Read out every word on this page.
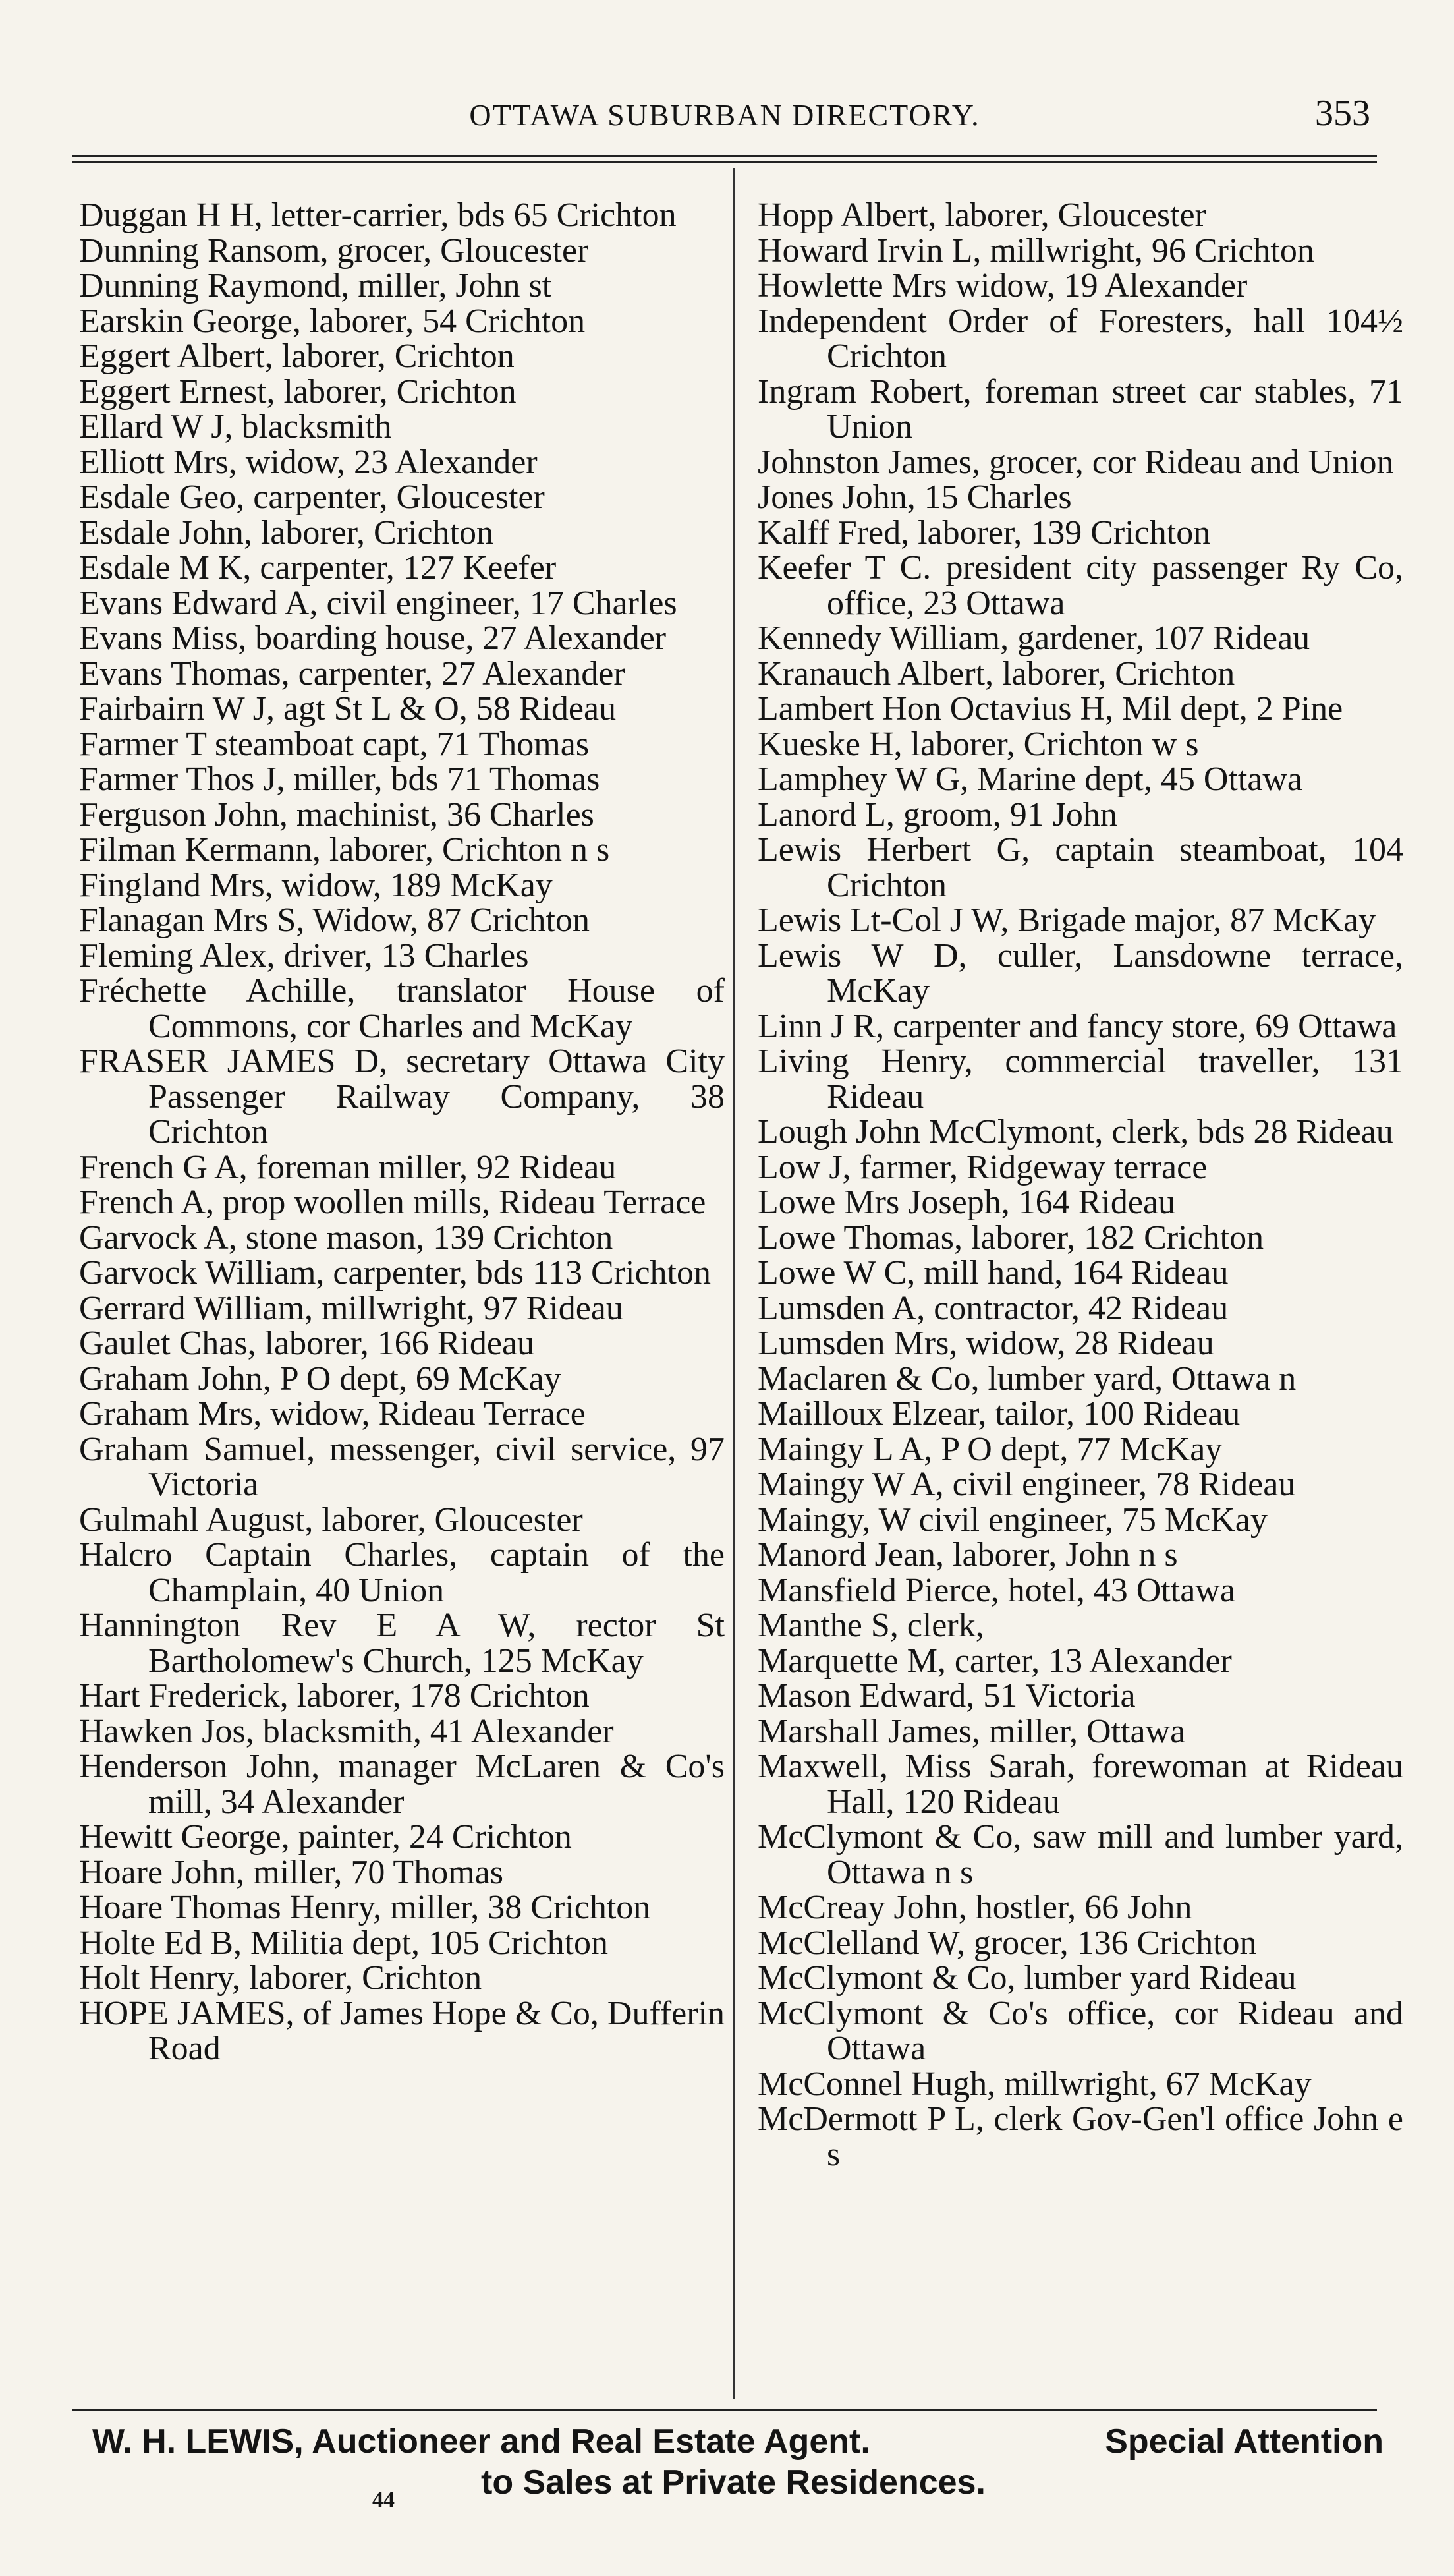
OTTAWA SUBURBAN DIRECTORY.	353

Duggan H H, letter-carrier, bds 65 Crichton

Dunning Ransom, grocer, Gloucester

Dunning Raymond, miller, John st

Earskin George, laborer, 54 Crichton

Eggert Albert, laborer, Crichton

Eggert Ernest, laborer, Crichton

Ellard W J, blacksmith

Elliott Mrs, widow, 23 Alexander

Esdale Geo, carpenter, Gloucester

Esdale John, laborer, Crichton

Esdale M K, carpenter, 127 Keefer

Evans Edward A, civil engineer, 17 Charles

Evans Miss, boarding house, 27 Alexander

Evans Thomas, carpenter, 27 Alexander

Fairbairn W J, agt St L & O, 58 Rideau

Farmer T steamboat capt, 71 Thomas

Farmer Thos J, miller, bds 71 Thomas

Ferguson John, machinist, 36 Charles

Filman Kermann, laborer, Crichton n s

Fingland Mrs, widow, 189 McKay

Flanagan Mrs S, Widow, 87 Crichton

Fleming Alex, driver, 13 Charles

Fréchette Achille, translator House of Commons, cor Charles and McKay

FRASER JAMES D, secretary Ottawa City Passenger Railway Company, 38 Crichton

French G A, foreman miller, 92 Rideau

French A, prop woollen mills, Rideau Terrace

Garvock A, stone mason, 139 Crichton

Garvock William, carpenter, bds 113 Crichton

Gerrard William, millwright, 97 Rideau

Gaulet Chas, laborer, 166 Rideau

Graham John, P O dept, 69 McKay

Graham Mrs, widow, Rideau Terrace

Graham Samuel, messenger, civil service, 97 Victoria

Gulmahl August, laborer, Gloucester

Halcro Captain Charles, captain of the Champlain, 40 Union

Hannington Rev E A W, rector St Bartholomew's Church, 125 McKay

Hart Frederick, laborer, 178 Crichton

Hawken Jos, blacksmith, 41 Alexander

Henderson John, manager McLaren & Co's mill, 34 Alexander

Hewitt George, painter, 24 Crichton

Hoare John, miller, 70 Thomas

Hoare Thomas Henry, miller, 38 Crichton

Holte Ed B, Militia dept, 105 Crichton

Holt Henry, laborer, Crichton

HOPE JAMES, of James Hope & Co, Dufferin Road

Hopp Albert, laborer, Gloucester

Howard Irvin L, millwright, 96 Crichton

Howlette Mrs widow, 19 Alexander

Independent Order of Foresters, hall 104½ Crichton

Ingram Robert, foreman street car stables, 71 Union

Johnston James, grocer, cor Rideau and Union

Jones John, 15 Charles

Kalff Fred, laborer, 139 Crichton

Keefer T C. president city passenger Ry Co, office, 23 Ottawa

Kennedy William, gardener, 107 Rideau

Kranauch Albert, laborer, Crichton

Lambert Hon Octavius H, Mil dept, 2 Pine

Kueske H, laborer, Crichton w s

Lamphey W G, Marine dept, 45 Ottawa

Lanord L, groom, 91 John

Lewis Herbert G, captain steamboat, 104 Crichton

Lewis Lt-Col J W, Brigade major, 87 McKay

Lewis W D, culler, Lansdowne terrace, McKay

Linn J R, carpenter and fancy store, 69 Ottawa

Living Henry, commercial traveller, 131 Rideau

Lough John McClymont, clerk, bds 28 Rideau

Low J, farmer, Ridgeway terrace

Lowe Mrs Joseph, 164 Rideau

Lowe Thomas, laborer, 182 Crichton

Lowe W C, mill hand, 164 Rideau

Lumsden A, contractor, 42 Rideau

Lumsden Mrs, widow, 28 Rideau

Maclaren & Co, lumber yard, Ottawa n

Mailloux Elzear, tailor, 100 Rideau

Maingy L A, P O dept, 77 McKay

Maingy W A, civil engineer, 78 Rideau

Maingy, W civil engineer, 75 McKay

Manord Jean, laborer, John n s

Mansfield Pierce, hotel, 43 Ottawa

Manthe S, clerk,

Marquette M, carter, 13 Alexander

Mason Edward, 51 Victoria

Marshall James, miller, Ottawa

Maxwell, Miss Sarah, forewoman at Rideau Hall, 120 Rideau

McClymont & Co, saw mill and lumber yard, Ottawa n s

McCreay John, hostler, 66 John

McClelland W, grocer, 136 Crichton

McClymont & Co, lumber yard Rideau

McClymont & Co's office, cor Rideau and Ottawa

McConnel Hugh, millwright, 67 McKay

McDermott P L, clerk Gov-Gen'l office John e s

W. H. LEWIS, Auctioneer and Real Estate Agent.	Special Attention
to Sales at Private Residences.
44
